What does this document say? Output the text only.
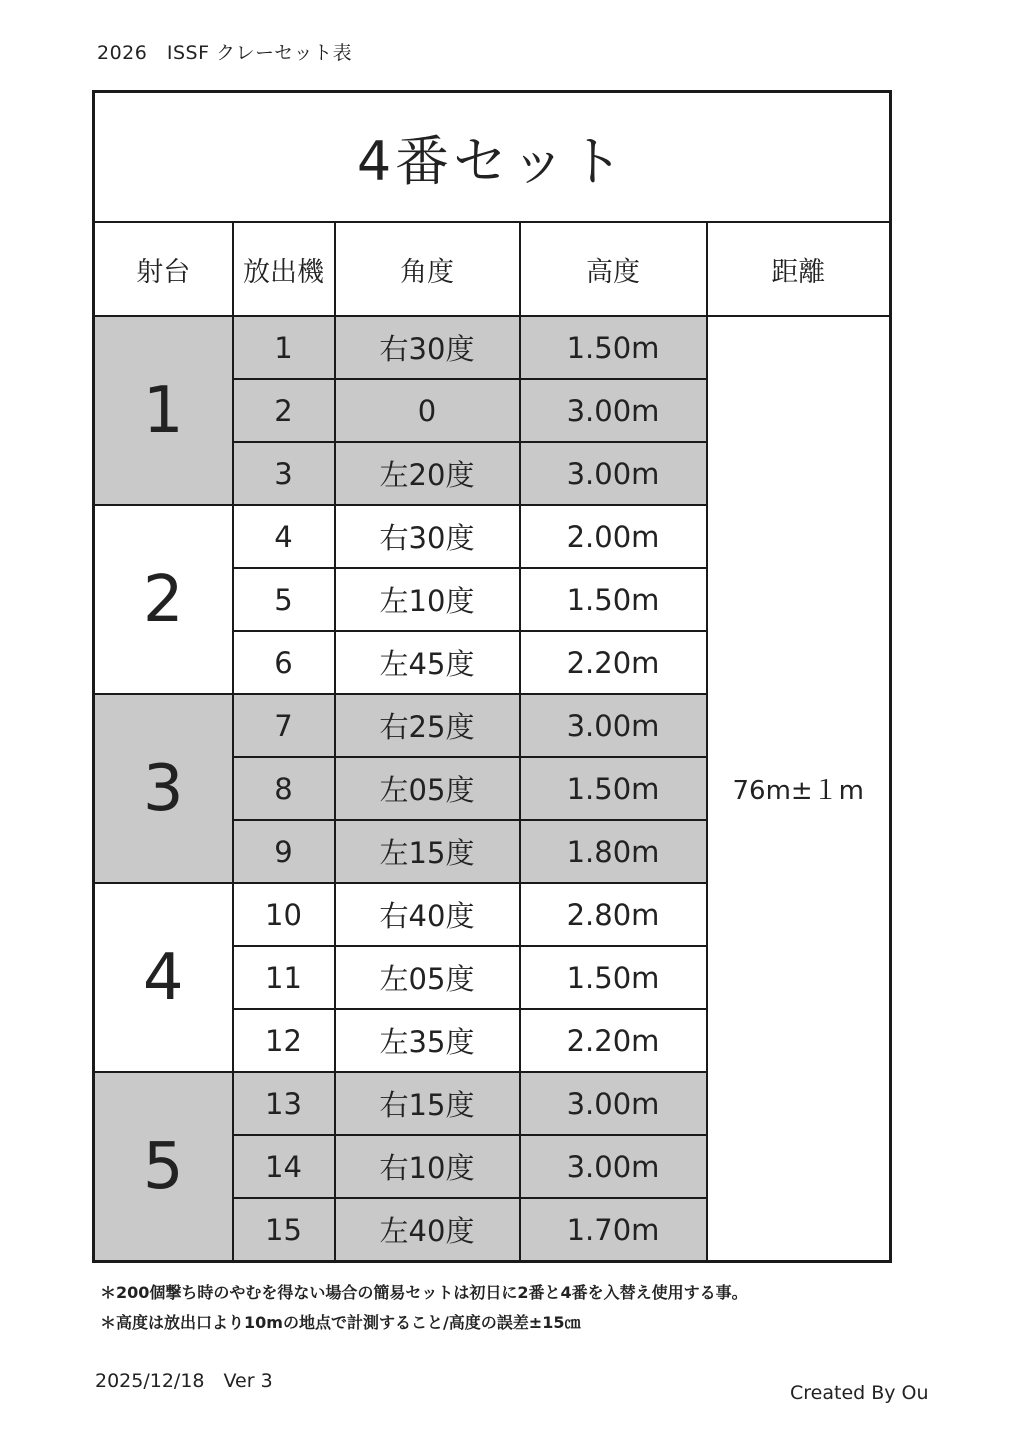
2026　ISSF クレーセット表
4番セット				
射台	放出機	角度	高度	距離
1	1	右30度	1.50m	76m±１m
	2	0	3.00m	
	3	左20度	3.00m	
2	4	右30度	2.00m	
	5	左10度	1.50m	
	6	左45度	2.20m	
3	7	右25度	3.00m	
	8	左05度	1.50m	
	9	左15度	1.80m	
4	10	右40度	2.80m	
	11	左05度	1.50m	
	12	左35度	2.20m	
5	13	右15度	3.00m	
	14	右10度	3.00m	
	15	左40度	1.70m	
＊200個撃ち時のやむを得ない場合の簡易セットは初日に2番と4番を入替え使用する事。
＊高度は放出口より10mの地点で計測すること/高度の誤差±15㎝
2025/12/18　Ver 3
Created By Ou
